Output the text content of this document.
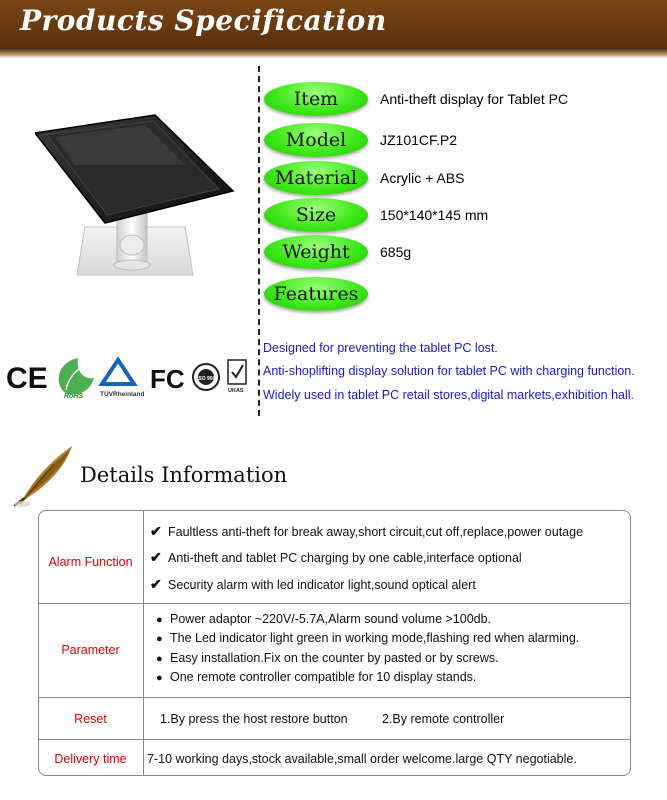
Products Specification
Item	Anti-theft display for Tablet PC
Model	JZ101CF.P2
Material	Acrylic + ABS
Size	150*140*145 mm
Weight	685g
Features
Designed for preventing the tablet PC lost.
Anti-shoplifting display solution for tablet PC with charging function.
Widely used in tablet PC retail stores,digital markets,exhibition hall.
CE
RoHS	TÜVRheinland
FC ISO 9001
UKAS
Details Information
Alarm Function
✔ Faultless anti-theft for break away,short circuit,cut off,replace,power outage
✔ Anti-theft and tablet PC charging by one cable,interface optional
✔ Security alarm with led indicator light,sound optical alert
Parameter
● Power adaptor ~220V/-5.7A,Alarm sound volume >100db.
● The Led indicator light green in working mode,flashing red when alarming.
● Easy installation.Fix on the counter by pasted or by screws.
● One remote controller compatible for 10 display stands.
Reset	1.By press the host restore button	2.By remote controller
Delivery time	7-10 working days,stock available,small order welcome.large QTY negotiable.
